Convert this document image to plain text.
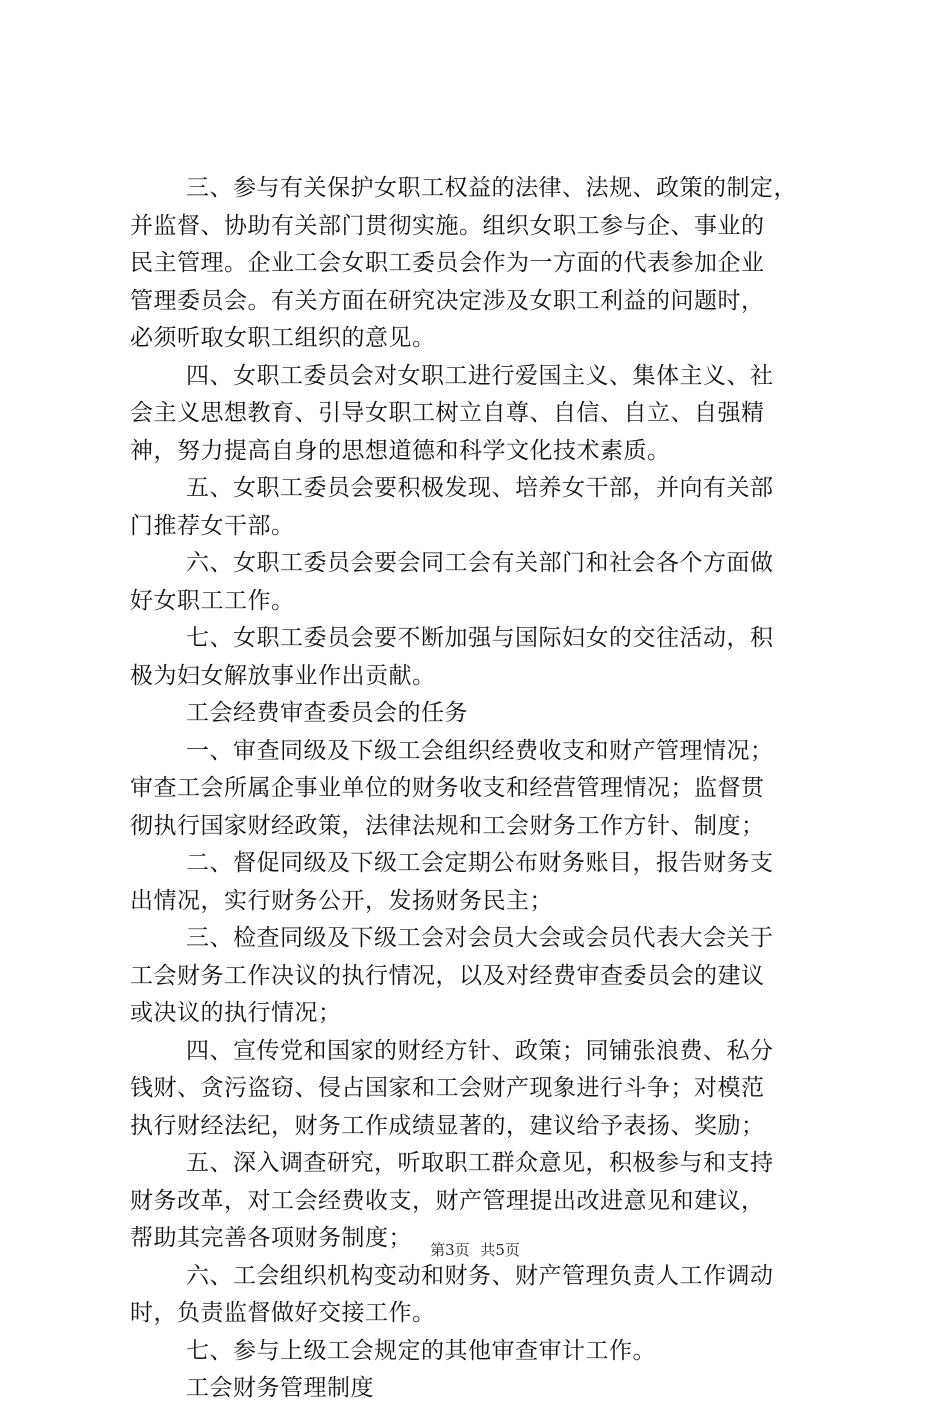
三、参与有关保护女职工权益的法律、法规、政策的制定，
并监督、协助有关部门贯彻实施。组织女职工参与企、事业的
民主管理。企业工会女职工委员会作为一方面的代表参加企业
管理委员会。有关方面在研究决定涉及女职工利益的问题时，
必须听取女职工组织的意见。
四、女职工委员会对女职工进行爱国主义、集体主义、社
会主义思想教育、引导女职工树立自尊、自信、自立、自强精
神，努力提高自身的思想道德和科学文化技术素质。
五、女职工委员会要积极发现、培养女干部，并向有关部
门推荐女干部。
六、女职工委员会要会同工会有关部门和社会各个方面做
好女职工工作。
七、女职工委员会要不断加强与国际妇女的交往活动，积
极为妇女解放事业作出贡献。
工会经费审查委员会的任务
一、审查同级及下级工会组织经费收支和财产管理情况；
审查工会所属企事业单位的财务收支和经营管理情况；监督贯
彻执行国家财经政策，法律法规和工会财务工作方针、制度；
二、督促同级及下级工会定期公布财务账目，报告财务支
出情况，实行财务公开，发扬财务民主；
三、检查同级及下级工会对会员大会或会员代表大会关于
工会财务工作决议的执行情况，以及对经费审查委员会的建议
或决议的执行情况；
四、宣传党和国家的财经方针、政策；同铺张浪费、私分
钱财、贪污盗窃、侵占国家和工会财产现象进行斗争；对模范
执行财经法纪，财务工作成绩显著的，建议给予表扬、奖励；
五、深入调查研究，听取职工群众意见，积极参与和支持
财务改革，对工会经费收支，财产管理提出改进意见和建议，
帮助其完善各项财务制度；
六、工会组织机构变动和财务、财产管理负责人工作调动
时，负责监督做好交接工作。
七、参与上级工会规定的其他审查审计工作。
工会财务管理制度
第3页 共5页
